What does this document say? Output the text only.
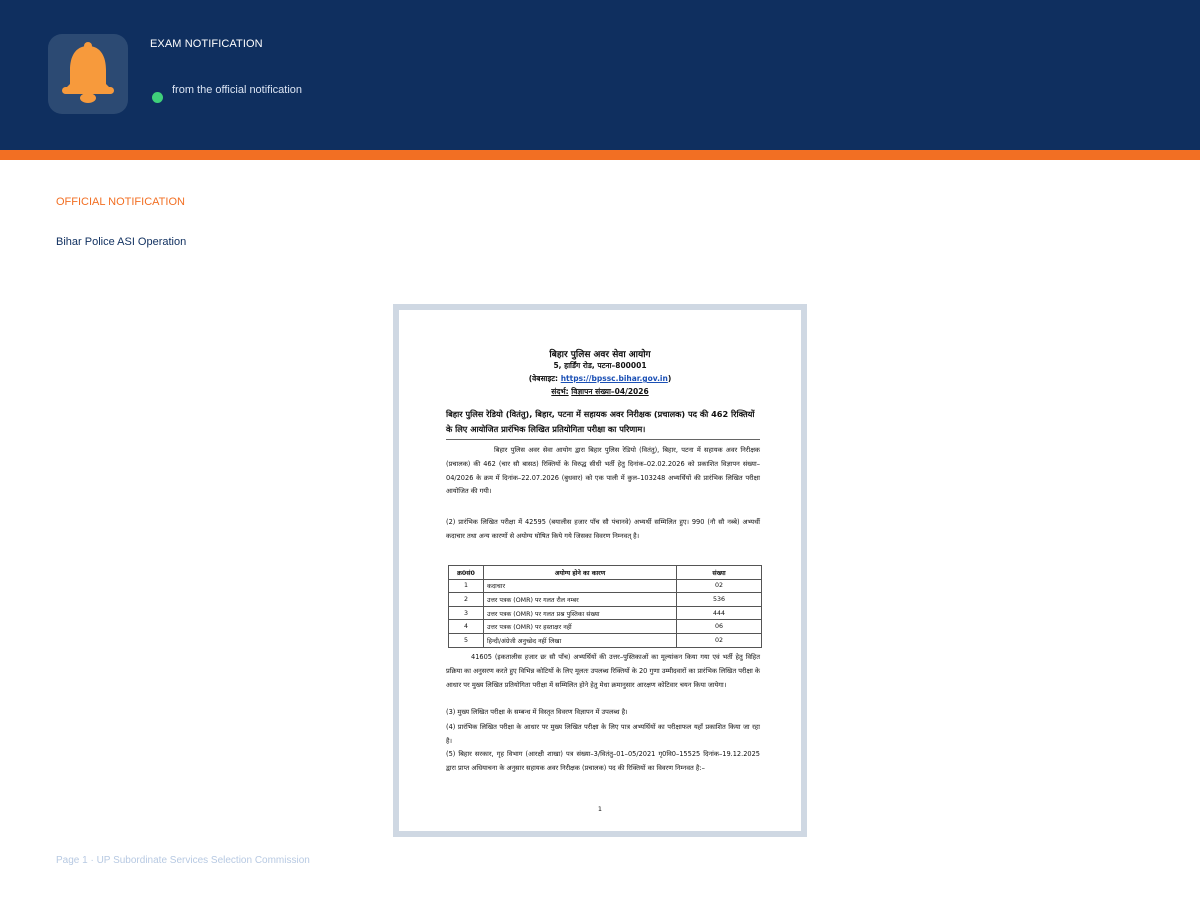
EXAM NOTIFICATION
from the official notification
OFFICIAL NOTIFICATION
Bihar Police ASI Operation
बिहार पुलिस अवर सेवा आयोग
5, हार्डिंग रोड, पटना–800001
(वेबसाइट: https://bpssc.bihar.gov.in)
संदर्भ: विज्ञापन संख्या–04/2026
बिहार पुलिस रेडियो (वितंतु), बिहार, पटना में सहायक अवर निरीक्षक (प्रचालक) पद की 462 रिक्तियों के लिए आयोजित प्रारंभिक लिखित प्रतियोगिता परीक्षा का परिणाम।
बिहार पुलिस अवर सेवा आयोग द्वारा बिहार पुलिस रेडियो (वितंतु), बिहार, पटना में सहायक अवर निरीक्षक (प्रचालक) की 462 (चार सौ बासठ) रिक्तियों के विरुद्ध सीधी भर्ती हेतु दिनांक–02.02.2026 को प्रकाशित विज्ञापन संख्या–04/2026 के क्रम में दिनांक–22.07.2026 (बुधवार) को एक पाली में कुल–103248 अभ्यर्थियों की प्रारंभिक लिखित परीक्षा आयोजित की गयी।
(2) प्रारंभिक लिखित परीक्षा में 42595 (बयालीस हजार पाँच सौ पंचानवे) अभ्यर्थी सम्मिलित हुए। 990 (नौ सौ नब्बे) अभ्यर्थी कदाचार तथा अन्य कारणों से अयोग्य घोषित किये गये जिसका विवरण निम्नवत् है।
क्र0सं0	अयोग्य होने का कारण	संख्या
1	कदाचार	02
2	उत्तर पत्रक (OMR) पर गलत रौल नम्बर	536
3	उत्तर पत्रक (OMR) पर गलत प्रश्न पुस्तिका संख्या	444
4	उत्तर पत्रक (OMR) पर हस्ताक्षर नहीं	06
5	हिन्दी/अंग्रेजी अनुच्छेद नहीं लिखा	02
41605 (इकतालीस हजार छः सौ पाँच) अभ्यर्थियों की उत्तर–पुस्तिकाओं का मूल्यांकन किया गया एवं भर्ती हेतु विहित प्रक्रिया का अनुसरण करते हुए विभिन्न कोटियों के लिए मूलतः उपलब्ध रिक्तियों के 20 गुणा उम्मीदवारों का प्रारंभिक लिखित परीक्षा के आधार पर मुख्य लिखित प्रतियोगिता परीक्षा में सम्मिलित होने हेतु मेधा क्रमानुसार आरक्षण कोटिवार चयन किया जायेगा।
(3) मुख्य लिखित परीक्षा के सम्बन्ध में विस्तृत विवरण विज्ञापन में उपलब्ध है।
(4) प्रारंभिक लिखित परीक्षा के आधार पर मुख्य लिखित परीक्षा के लिए पात्र अभ्यर्थियों का परीक्षाफल यहाँ प्रकाशित किया जा रहा है।
(5) बिहार सरकार, गृह विभाग (आरक्षी शाखा) पत्र संख्या–3/वितंतु–01–05/2021 गृ0वि0–15525 दिनांक–19.12.2025 द्वारा प्राप्त अधियाचना के अनुसार सहायक अवर निरीक्षक (प्रचालक) पद की रिक्तियों का विवरण निम्नवत है:–
1
Page 1 · UP Subordinate Services Selection Commission
